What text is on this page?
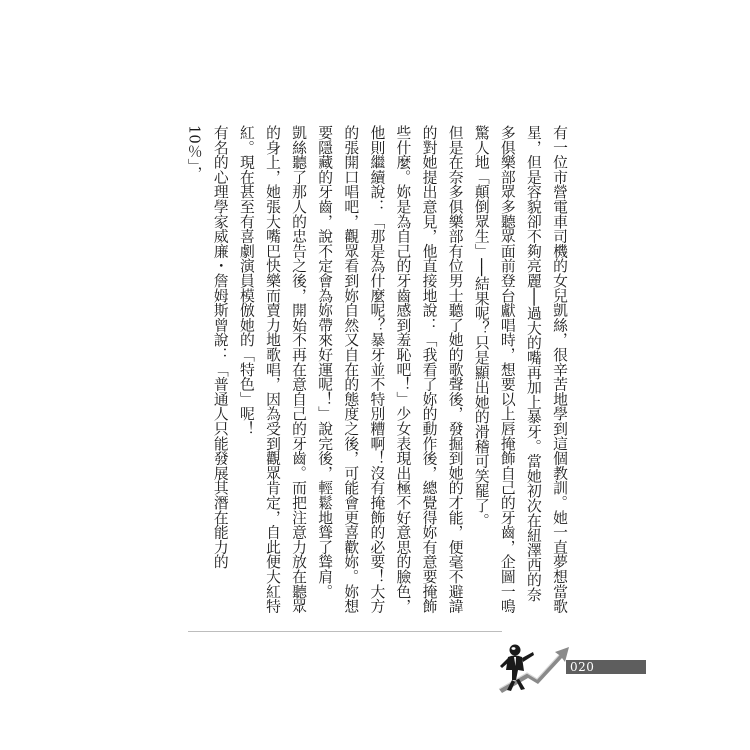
有一位市營電車司機的女兒凱絲，很辛苦地學到這個教訓。她一直夢想當歌星，但是容貌卻不夠亮麗──過大的嘴再加上暴牙。當她初次在紐澤西的奈多俱樂部眾多聽眾面前登台獻唱時，想要以上唇掩飾自己的牙齒，企圖一鳴驚人地「顛倒眾生」──結果呢？只是顯出她的滑稽可笑罷了。

但是在奈多俱樂部有位男士聽了她的歌聲後，發掘到她的才能，便毫不避諱的對她提出意見，他直接地說：「我看了妳的動作後，總覺得妳有意要掩飾些什麼。妳是為自己的牙齒感到羞恥吧！」少女表現出極不好意思的臉色，他則繼續說：「那是為什麼呢？暴牙並不特別糟啊！沒有掩飾的必要！大方的張開口唱吧，觀眾看到妳自然又自在的態度之後，可能會更喜歡妳。妳想要隱藏的牙齒，說不定會為妳帶來好運呢！」說完後，輕鬆地聳了聳肩。

凱絲聽了那人的忠告之後，開始不再在意自己的牙齒。而把注意力放在聽眾的身上，她張大嘴巴快樂而賣力地歌唱，因為受到觀眾肯定，自此便大紅特紅。現在甚至有喜劇演員模倣她的「特色」呢！

有名的心理學家威廉・詹姆斯曾說：「普通人只能發展其潛在能力的10％」，

020
